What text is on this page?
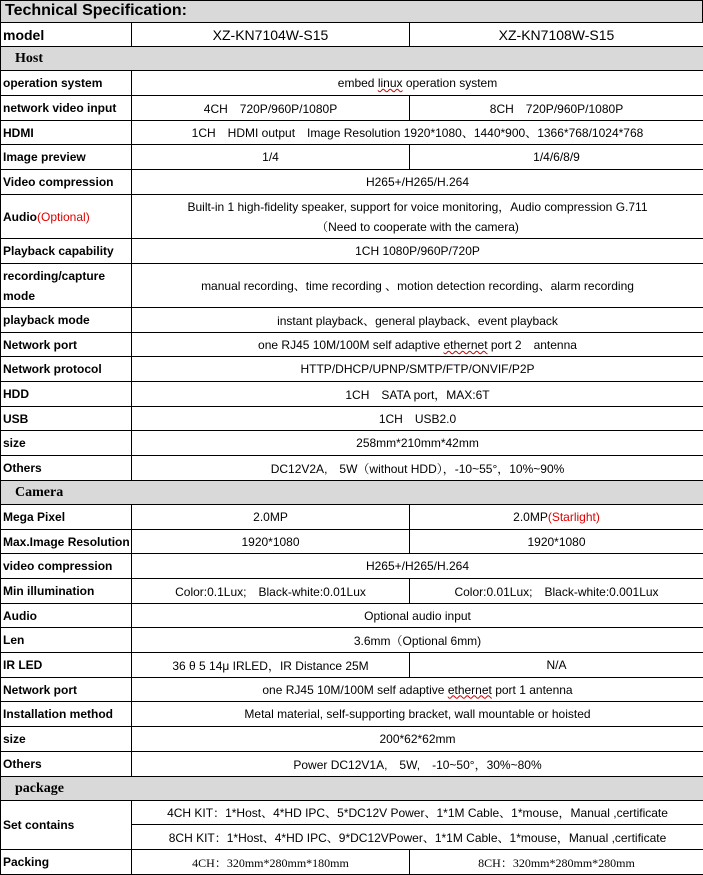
Technical Specification:
model	XZ-KN7104W-S15	XZ-KN7108W-S15
Host		
operation system	embed linux operation system	
network video input	4CH　720P/960P/1080P	8CH　720P/960P/1080P
HDMI	1CH　HDMI output　Image Resolution 1920*1080、1440*900、1366*768/1024*768	
Image preview	1/4	1/4/6/8/9
Video compression	H265+/H265/H.264	
Audio(Optional)	Built-in 1 high-fidelity speaker, support for voice monitoring，Audio compression G.711
（Need to cooperate with the camera)	

Playback capability	1CH 1080P/960P/720P	
recording/capture mode	manual recording、time recording 、motion detection recording、alarm recording	
playback mode	instant playback、general playback、event playback	
Network port	one RJ45 10M/100M self adaptive ethernet port 2　antenna	
Network protocol	HTTP/DHCP/UPNP/SMTP/FTP/ONVIF/P2P	
HDD	1CH　SATA port，MAX:6T	
USB	1CH　USB2.0	
size	258mm*210mm*42mm	
Others	DC12V2A,　5W（without HDD），-10~55°，10%~90%	
Camera		
Mega Pixel	2.0MP	2.0MP(Starlight)
Max.Image Resolution	1920*1080	1920*1080
video compression	H265+/H265/H.264	
Min illumination	Color:0.1Lux;　Black-white:0.01Lux	Color:0.01Lux;　Black-white:0.001Lux
Audio	Optional audio input	
Len	3.6mm（Optional 6mm)	
IR LED	36 θ 5 14μ IRLED，IR Distance 25M	N/A
Network port	one RJ45 10M/100M self adaptive ethernet port 1 antenna	
Installation method	Metal material, self-supporting bracket, wall mountable or hoisted	
size	200*62*62mm	
Others	Power DC12V1A,　5W,　-10~50°，30%~80%	
package		
Set contains	4CH KIT：1*Host、4*HD IPC、5*DC12V Power、1*1M Cable、1*mouse，Manual ,certificate	
	8CH KIT：1*Host、4*HD IPC、9*DC12VPower、1*1M Cable、1*mouse，Manual ,certificate	
Packing	4CH：320mm*280mm*180mm	8CH：320mm*280mm*280mm
